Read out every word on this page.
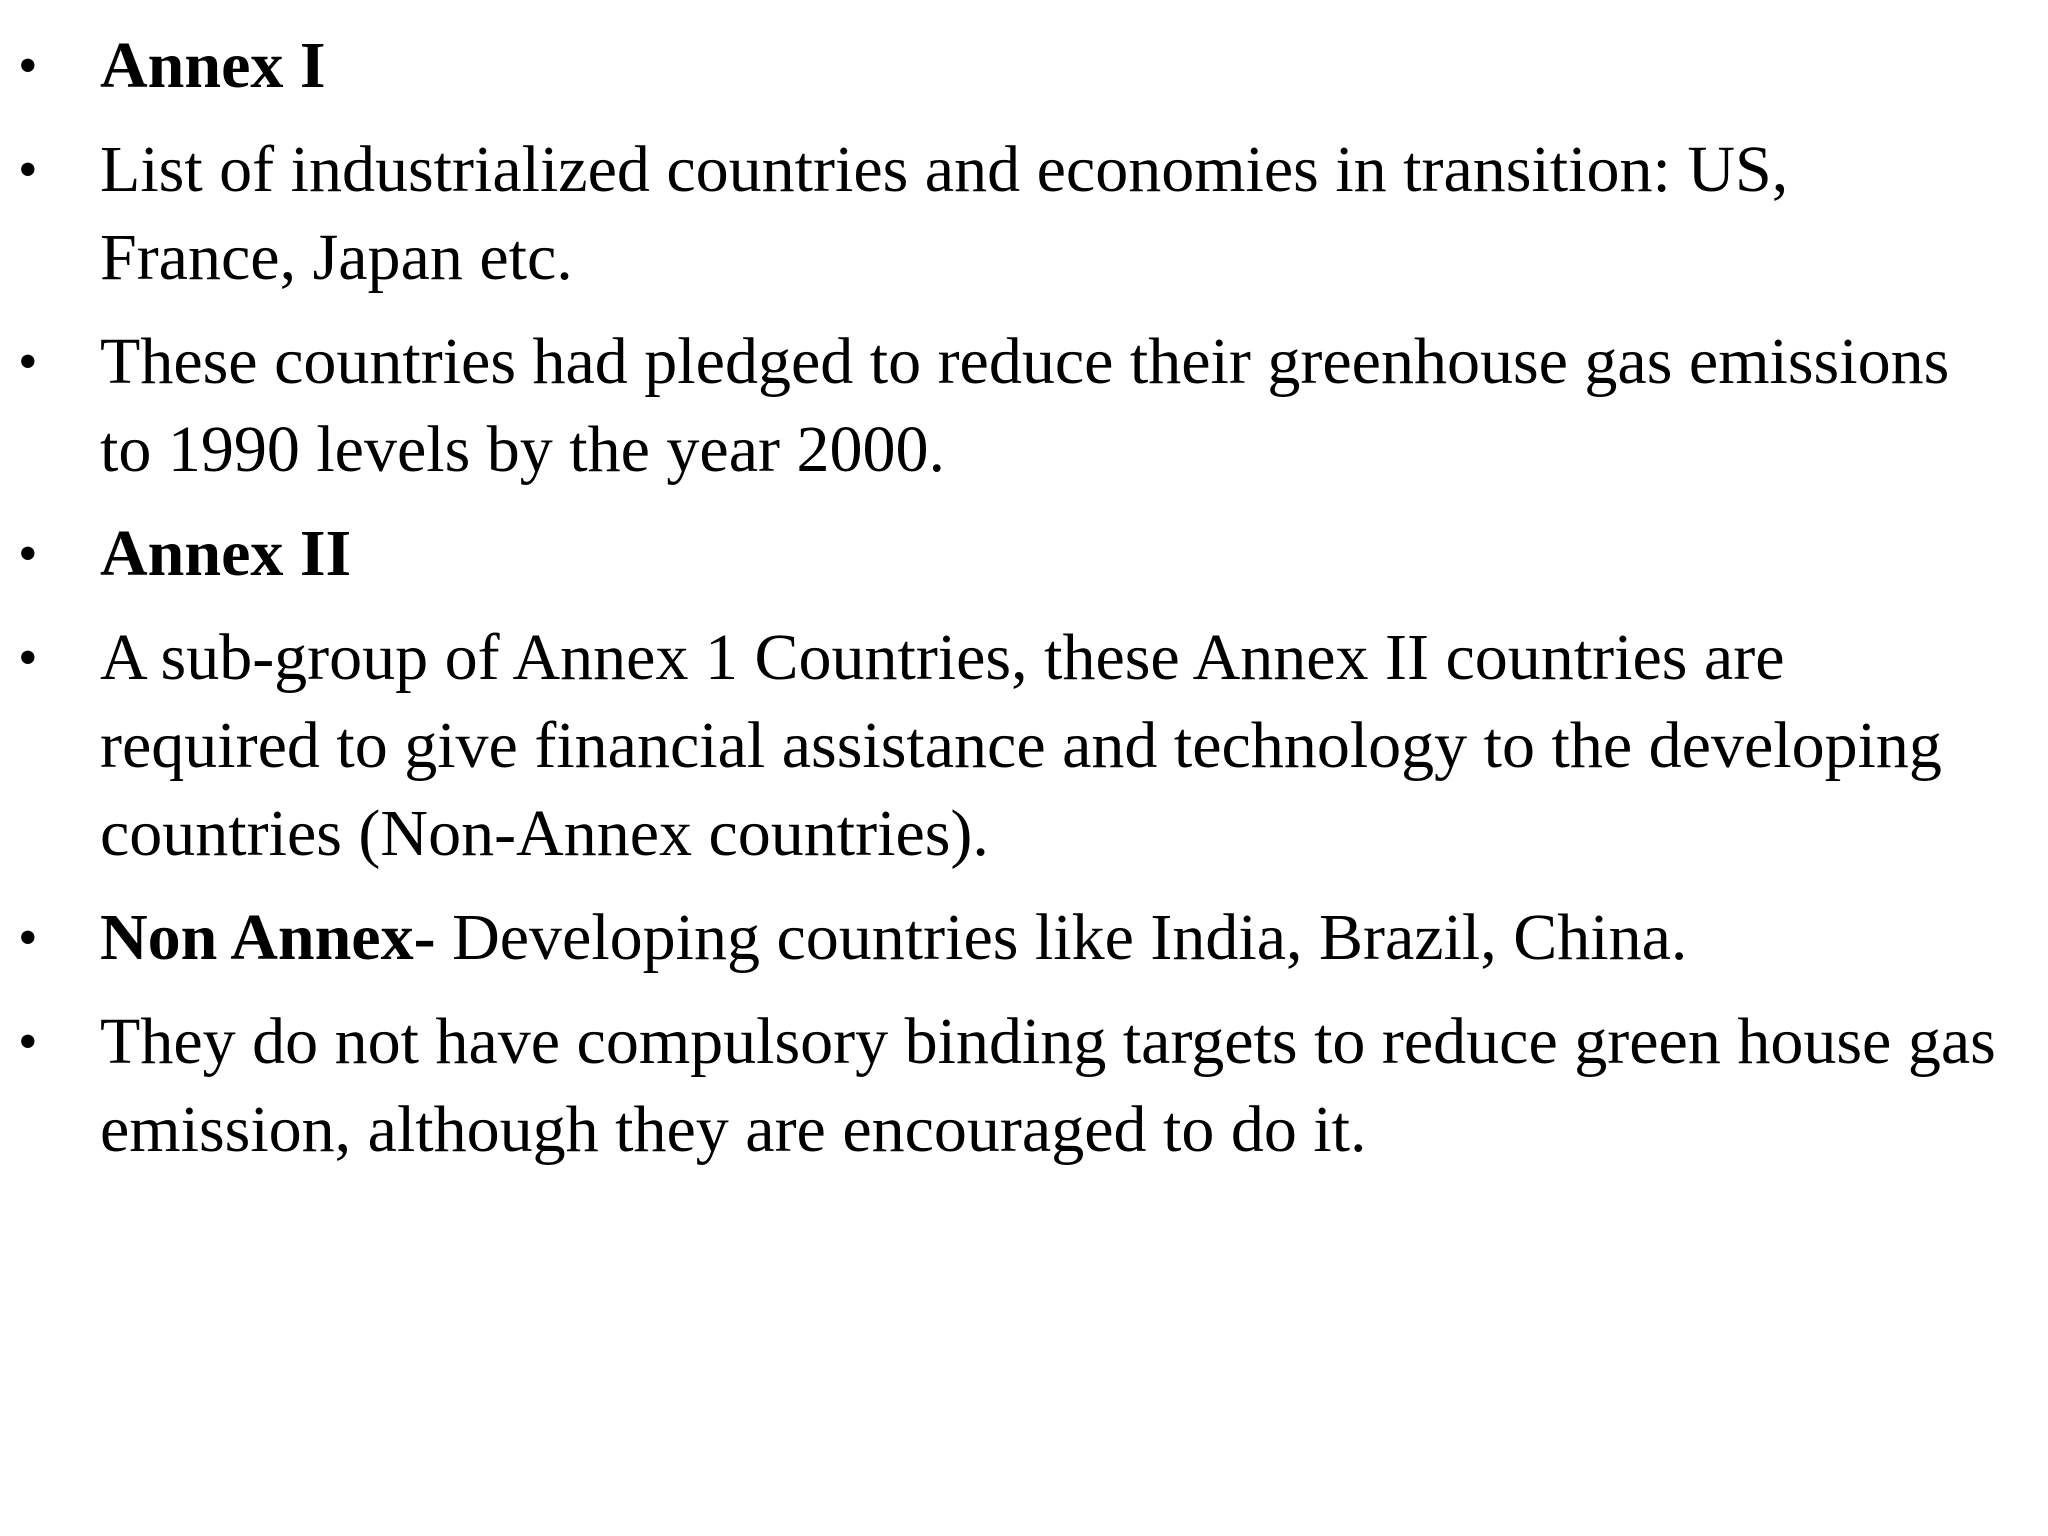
• Annex I
• List of industrialized countries and economies in transition: US, France, Japan etc.
• These countries had pledged to reduce their greenhouse gas emissions to 1990 levels by the year 2000.
• Annex II
• A sub-group of Annex 1 Countries, these Annex II countries are required to give financial assistance and technology to the developing countries (Non-Annex countries).
• Non Annex- Developing countries like India, Brazil, China.
• They do not have compulsory binding targets to reduce green house gas emission, although they are encouraged to do it.
